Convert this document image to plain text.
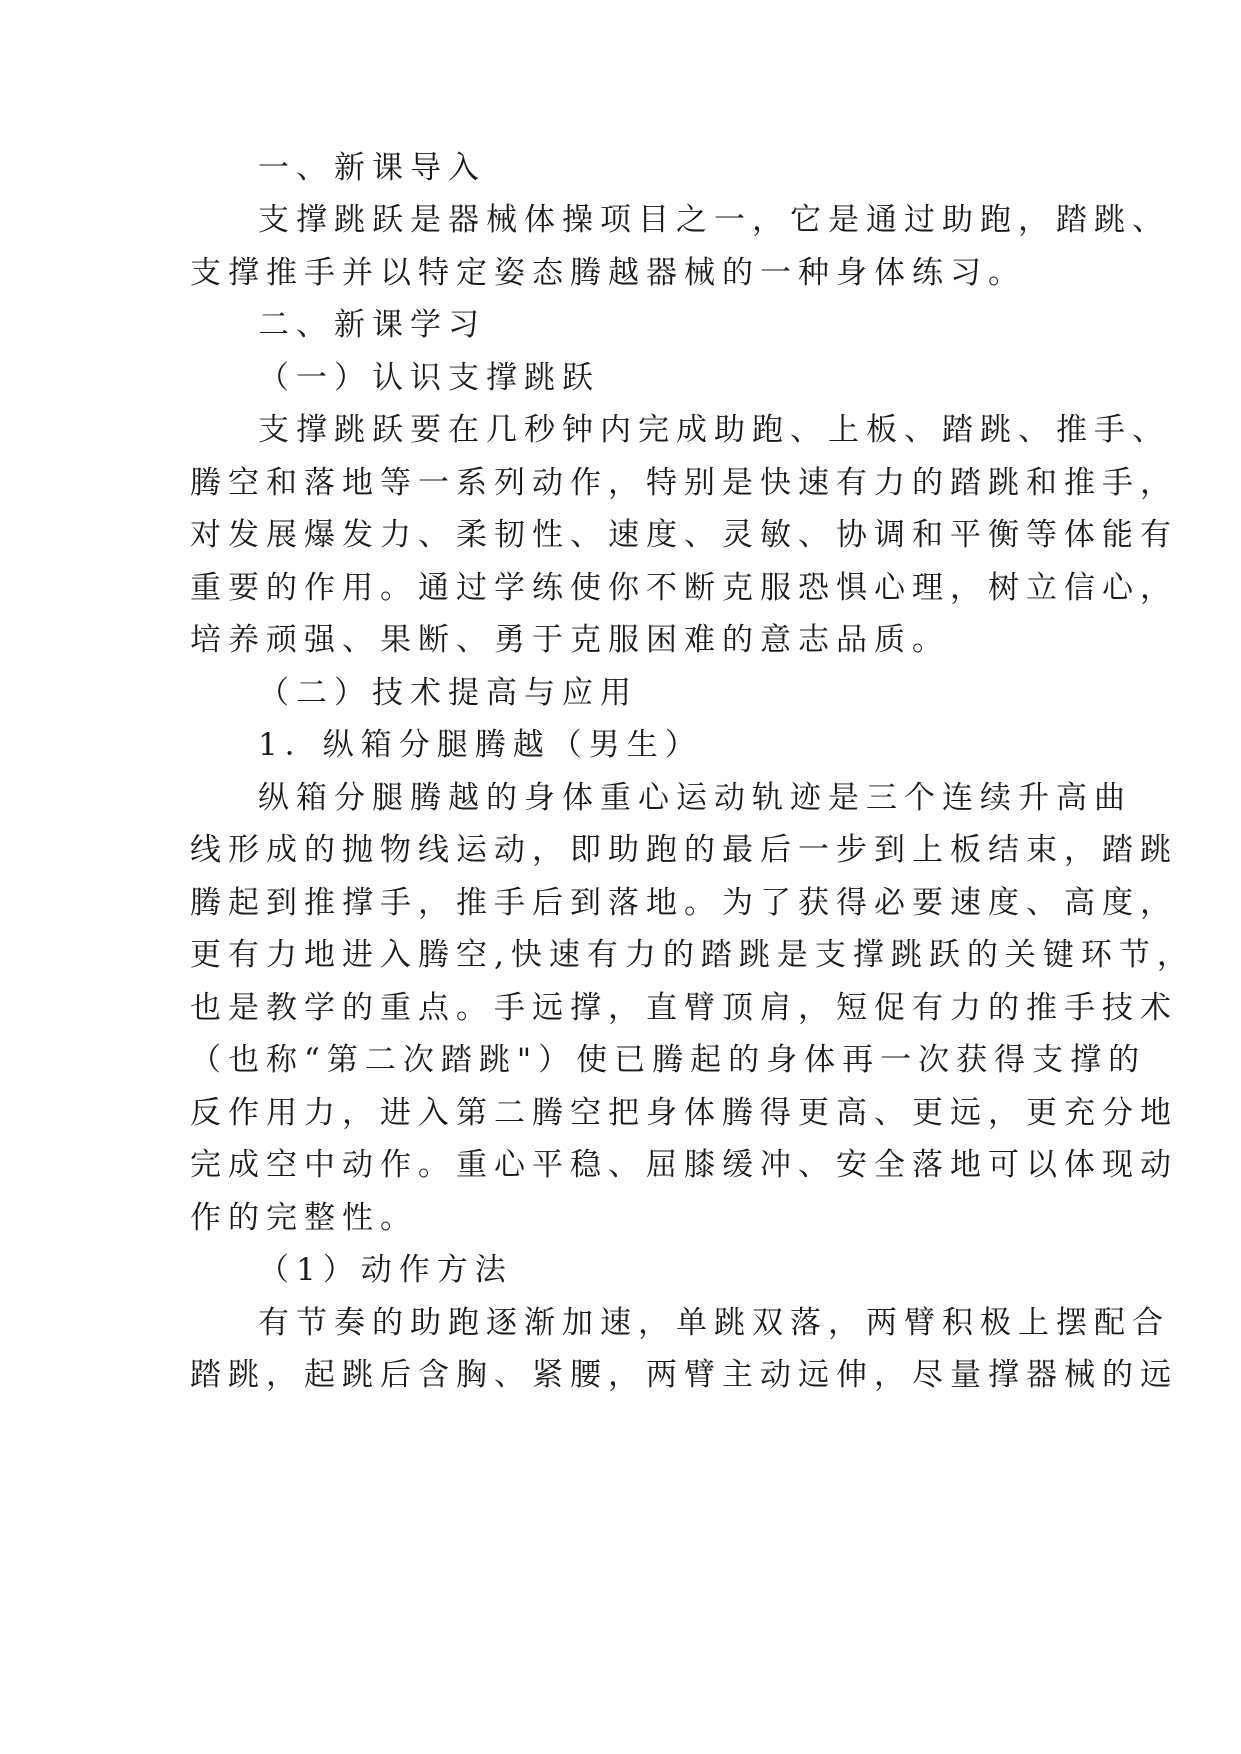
一、新课导入
支撑跳跃是器械体操项目之一，它是通过助跑，踏跳、
支撑推手并以特定姿态腾越器械的一种身体练习。
二、新课学习
（一）认识支撑跳跃
支撑跳跃要在几秒钟内完成助跑、上板、踏跳、推手、
腾空和落地等一系列动作，特别是快速有力的踏跳和推手，
对发展爆发力、柔韧性、速度、灵敏、协调和平衡等体能有
重要的作用。通过学练使你不断克服恐惧心理，树立信心，
培养顽强、果断、勇于克服困难的意志品质。
（二）技术提高与应用
1．纵箱分腿腾越（男生）
纵箱分腿腾越的身体重心运动轨迹是三个连续升高曲
线形成的抛物线运动，即助跑的最后一步到上板结束，踏跳
腾起到推撑手，推手后到落地。为了获得必要速度、高度，
更有力地进入腾空,快速有力的踏跳是支撑跳跃的关键环节，
也是教学的重点。手远撑，直臂顶肩，短促有力的推手技术
（也称“第二次踏跳"）使已腾起的身体再一次获得支撑的
反作用力，进入第二腾空把身体腾得更高、更远，更充分地
完成空中动作。重心平稳、屈膝缓冲、安全落地可以体现动
作的完整性。
（1）动作方法
有节奏的助跑逐渐加速，单跳双落，两臂积极上摆配合
踏跳，起跳后含胸、紧腰，两臂主动远伸，尽量撑器械的远
